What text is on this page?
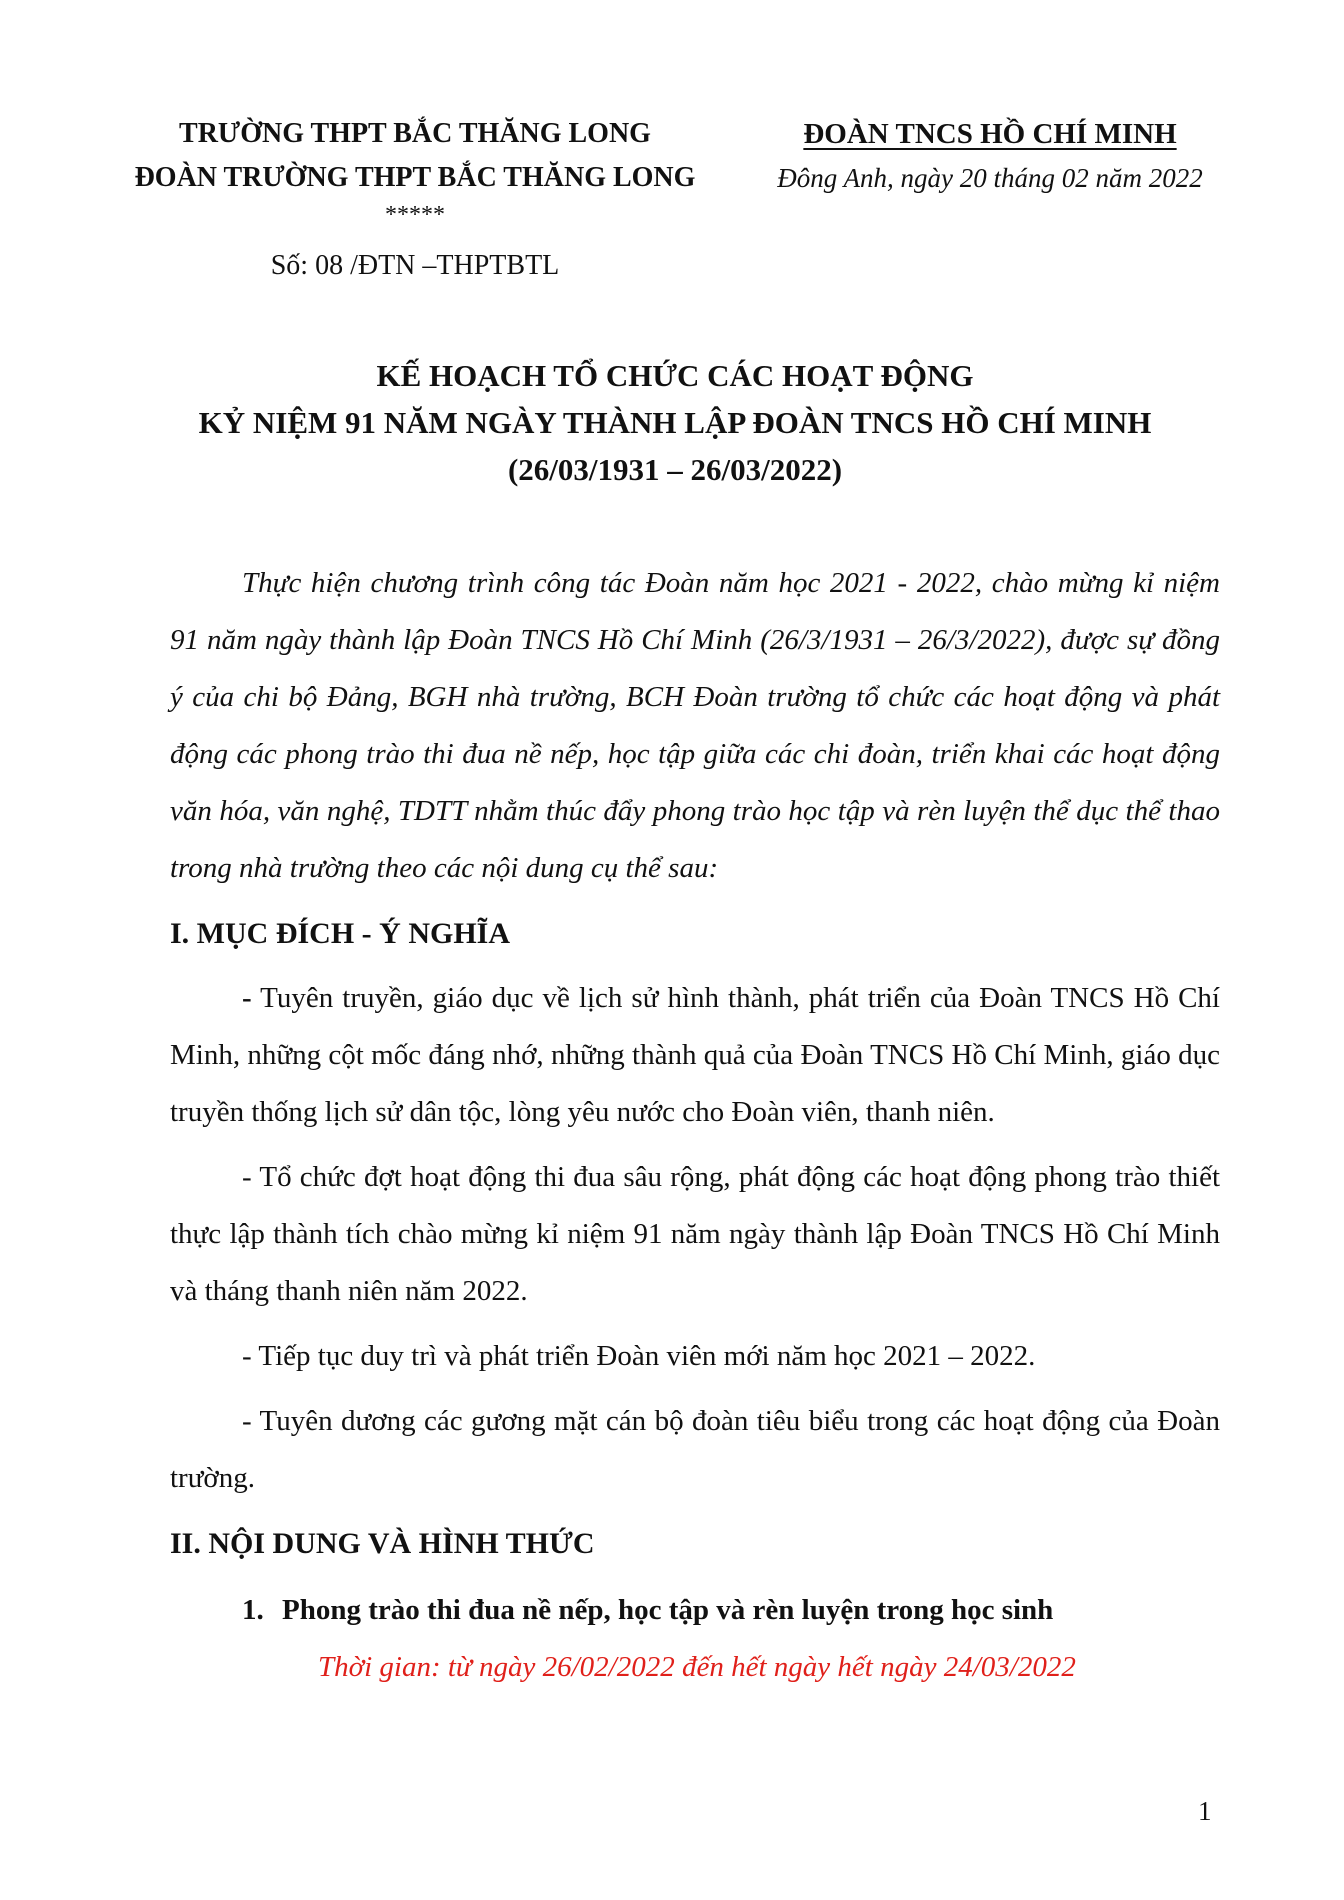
TRƯỜNG THPT BẮC THĂNG LONG
ĐOÀN TRƯỜNG THPT BẮC THĂNG LONG
*****
Số: 08 /ĐTN –THPTBTL
ĐOÀN TNCS HỒ CHÍ MINH
Đông Anh, ngày 20 tháng 02 năm 2022
KẾ HOẠCH TỔ CHỨC CÁC HOẠT ĐỘNG
KỶ NIỆM 91 NĂM NGÀY THÀNH LẬP ĐOÀN TNCS HỒ CHÍ MINH
(26/03/1931 – 26/03/2022)

Thực hiện chương trình công tác Đoàn năm học 2021 - 2022, chào mừng kỉ niệm 91 năm ngày thành lập Đoàn TNCS Hồ Chí Minh (26/3/1931 – 26/3/2022), được sự đồng ý của chi bộ Đảng, BGH nhà trường, BCH Đoàn trường tổ chức các hoạt động và phát động các phong trào thi đua nề nếp, học tập giữa các chi đoàn, triển khai các hoạt động văn hóa, văn nghệ, TDTT nhằm thúc đẩy phong trào học tập và rèn luyện thể dục thể thao trong nhà trường theo các nội dung cụ thể sau:

I. MỤC ĐÍCH - Ý NGHĨA

- Tuyên truyền, giáo dục về lịch sử hình thành, phát triển của Đoàn TNCS Hồ Chí Minh, những cột mốc đáng nhớ, những thành quả của Đoàn TNCS Hồ Chí Minh, giáo dục truyền thống lịch sử dân tộc, lòng yêu nước cho Đoàn viên, thanh niên.

- Tổ chức đợt hoạt động thi đua sâu rộng, phát động các hoạt động phong trào thiết thực lập thành tích chào mừng kỉ niệm 91 năm ngày thành lập Đoàn TNCS Hồ Chí Minh và tháng thanh niên năm 2022.

- Tiếp tục duy trì và phát triển Đoàn viên mới năm học 2021 – 2022.

- Tuyên dương các gương mặt cán bộ đoàn tiêu biểu trong các hoạt động của Đoàn trường.

II. NỘI DUNG VÀ HÌNH THỨC
1. Phong trào thi đua nề nếp, học tập và rèn luyện trong học sinh
Thời gian: từ ngày 26/02/2022 đến hết ngày hết ngày 24/03/2022
1
